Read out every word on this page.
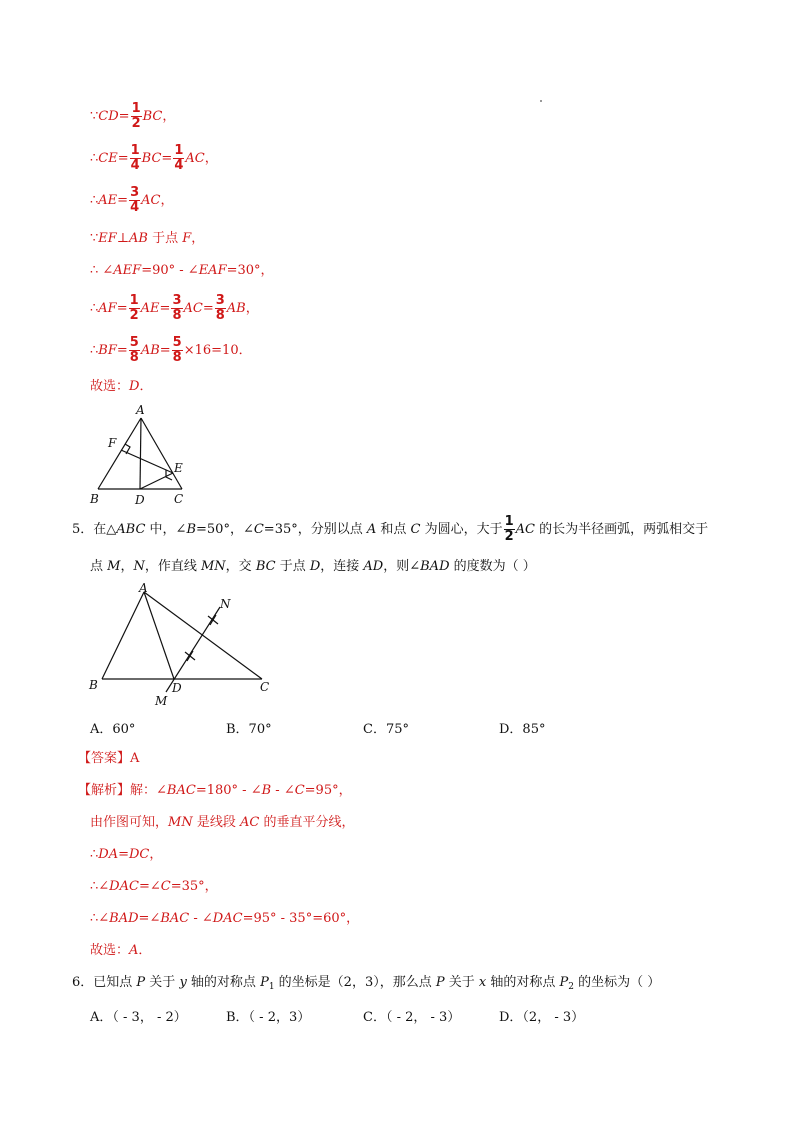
∵CD= $\frac{1}{2}$ BC，
∴CE= $\frac{1}{4} BC= \frac{1}{4}$ AC，
∴AE= $\frac{3}{4}$ AC，
∵EF⊥AB 于点 F，
∴ ∠AEF=90° - ∠EAF=30°，
∴AF= $\frac{1}{2} AE= \frac{3}{8} AC= \frac{3}{8}$ AB，
∴BF= $\frac{5}{8} AB= \frac{5}{8} \times 16=10$．
故选：D．
A
F
E
B	D C
5．在△ABC 中，∠B=50°，∠C=35°，分别以点 A 和点 C 为圆心，大于 $\frac{1}{2}$ AC 的长为半径画弧，两弧相交于
点 M，N，作直线 MN，交 BC 于点 D，连接 AD，则∠BAD 的度数为（ ）
A
N
B	D	C
M
A．60°	B．70°	C．75°	D．85°
【答案】A
【解析】解：∠BAC=180° - ∠B - ∠C=95°，
由作图可知，MN 是线段 AC 的垂直平分线，
∴DA=DC，
∴∠DAC=∠C=35°，
∴∠BAD=∠BAC - ∠DAC=95° - 35°=60°，
故选：A．
6．已知点 P 关于 y 轴的对称点 $P_1$ 的坐标是（2，3），那么点 P 关于 x 轴的对称点 $P_2$ 的坐标为（ ）
A．（ - 3， - 2）	B．（ - 2，3）	C．（ - 2， - 3）	D．（2， - 3）
